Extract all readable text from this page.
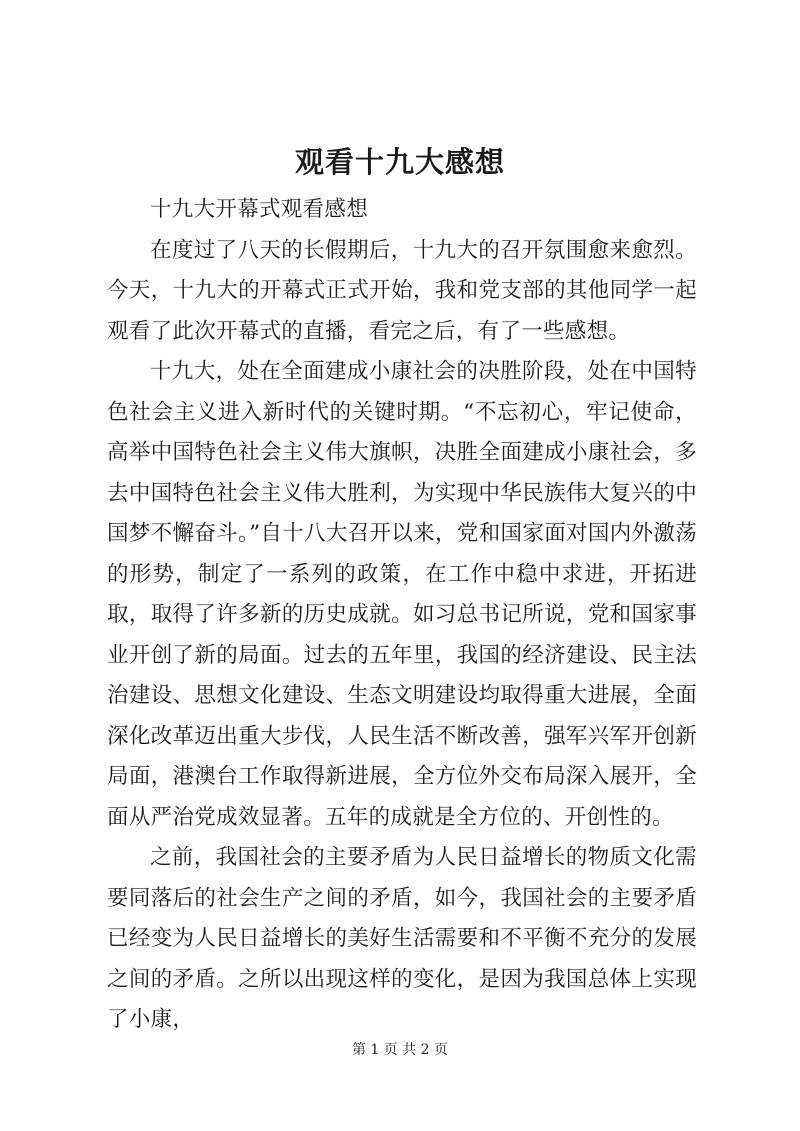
观看十九大感想

十九大开幕式观看感想

在度过了八天的长假期后，十九大的召开氛围愈来愈烈。今天，十九大的开幕式正式开始，我和党支部的其他同学一起观看了此次开幕式的直播，看完之后，有了一些感想。

十九大，处在全面建成小康社会的决胜阶段，处在中国特色社会主义进入新时代的关键时期。“不忘初心，牢记使命，高举中国特色社会主义伟大旗帜，决胜全面建成小康社会，多去中国特色社会主义伟大胜利，为实现中华民族伟大复兴的中国梦不懈奋斗。”自十八大召开以来，党和国家面对国内外激荡的形势，制定了一系列的政策，在工作中稳中求进，开拓进取，取得了许多新的历史成就。如习总书记所说，党和国家事业开创了新的局面。过去的五年里，我国的经济建设、民主法治建设、思想文化建设、生态文明建设均取得重大进展，全面深化改革迈出重大步伐，人民生活不断改善，强军兴军开创新局面，港澳台工作取得新进展，全方位外交布局深入展开，全面从严治党成效显著。五年的成就是全方位的、开创性的。

之前，我国社会的主要矛盾为人民日益增长的物质文化需要同落后的社会生产之间的矛盾，如今，我国社会的主要矛盾已经变为人民日益增长的美好生活需要和不平衡不充分的发展之间的矛盾。之所以出现这样的变化，是因为我国总体上实现了小康，

第 1 页 共 2 页
